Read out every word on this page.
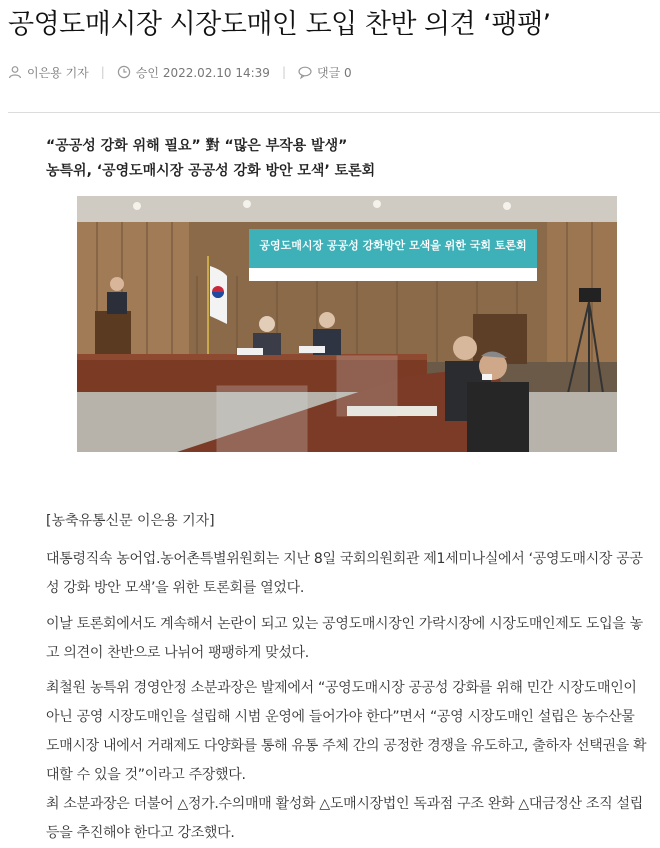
공영도매시장 시장도매인 도입 찬반 의견 ‘팽팽’
이은용 기자 |	승인 2022.02.10 14:39 |	댓글 0
“공공성 강화 위해 필요” 對 “많은 부작용 발생”
농특위, ‘공영도매시장 공공성 강화 방안 모색’ 토론회
공영도매시장 공공성 강화방안 모색을 위한 국회 토론회
[농축유통신문 이은용 기자]
대통령직속 농어업.농어촌특별위원회는 지난 8일 국회의원회관 제1세미나실에서 ‘공영도매시장 공공성 강화 방안 모색’을 위한 토론회를 열었다.
이날 토론회에서도 계속해서 논란이 되고 있는 공영도매시장인 가락시장에 시장도매인제도 도입을 놓고 의견이 찬반으로 나뉘어 팽팽하게 맞섰다.
최철원 농특위 경영안정 소분과장은 발제에서 “공영도매시장 공공성 강화를 위해 민간 시장도매인이 아닌 공영 시장도매인을 설립해 시범 운영에 들어가야 한다”면서 “공영 시장도매인 설립은 농수산물 도매시장 내에서 거래제도 다양화를 통해 유통 주체 간의 공정한 경쟁을 유도하고, 출하자 선택권을 확대할 수 있을 것”이라고 주장했다.
최 소분과장은 더불어 △정가.수의매매 활성화 △도매시장법인 독과점 구조 완화 △대금정산 조직 설립 등을 추진해야 한다고 강조했다.
